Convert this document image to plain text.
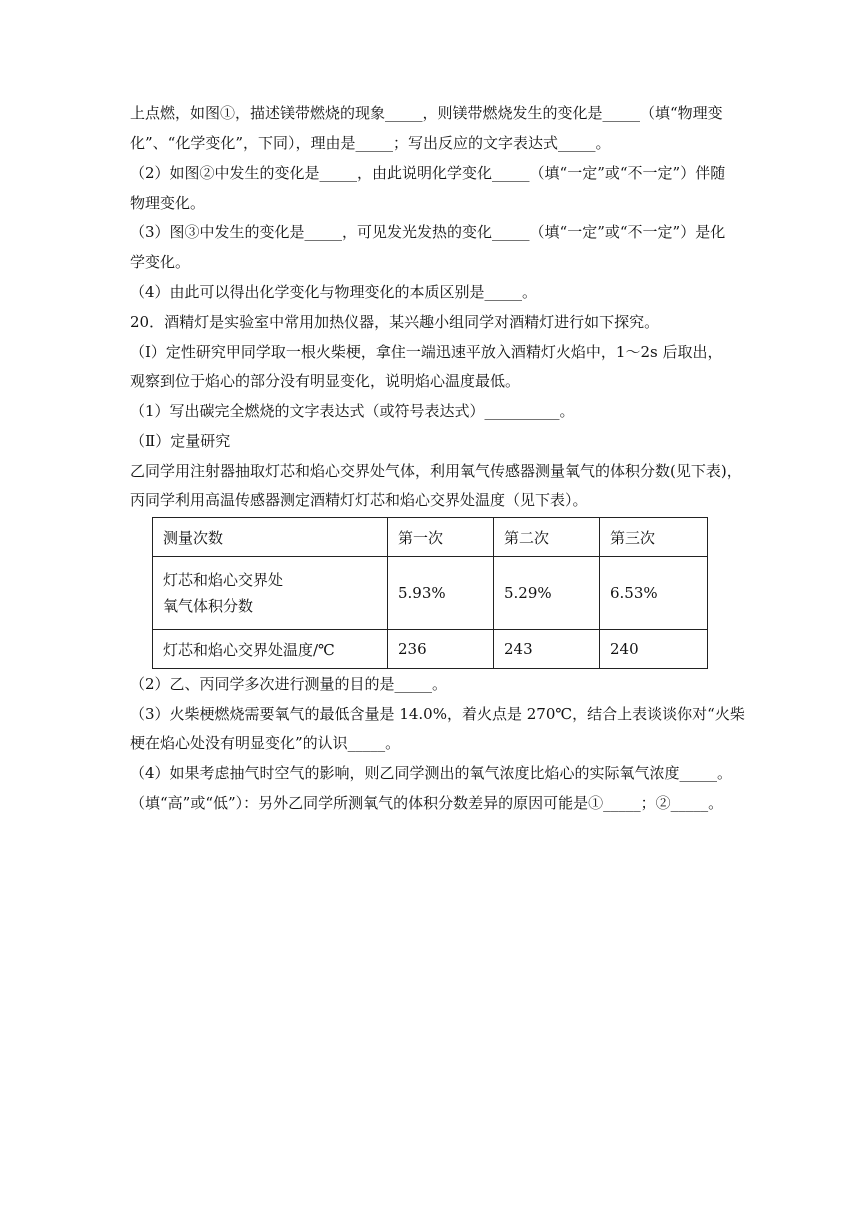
上点燃，如图①，描述镁带燃烧的现象_____，则镁带燃烧发生的变化是_____（填“物理变

化”、“化学变化”，下同），理由是_____；写出反应的文字表达式_____。

（2）如图②中发生的变化是_____，由此说明化学变化_____（填“一定”或“不一定”）伴随

物理变化。

（3）图③中发生的变化是_____，可见发光发热的变化_____（填“一定”或“不一定”）是化

学变化。

（4）由此可以得出化学变化与物理变化的本质区别是_____。

20．酒精灯是实验室中常用加热仪器，某兴趣小组同学对酒精灯进行如下探究。

（Ⅰ）定性研究甲同学取一根火柴梗，拿住一端迅速平放入酒精灯火焰中，1～2s 后取出，

观察到位于焰心的部分没有明显变化，说明焰心温度最低。

（1）写出碳完全燃烧的文字表达式（或符号表达式）__________。

（Ⅱ）定量研究

乙同学用注射器抽取灯芯和焰心交界处气体，利用氧气传感器测量氧气的体积分数(见下表)，

丙同学利用高温传感器测定酒精灯灯芯和焰心交界处温度（见下表）。

测量次数	第一次	第二次	第三次

灯芯和焰心交界处
氧气体积分数	5.93%	5.29%	6.53%
灯芯和焰心交界处温度/℃	236	243	240

（2）乙、丙同学多次进行测量的目的是_____。

（3）火柴梗燃烧需要氧气的最低含量是 14.0%，着火点是 270℃，结合上表谈谈你对“火柴

梗在焰心处没有明显变化”的认识_____。

（4）如果考虑抽气时空气的影响，则乙同学测出的氧气浓度比焰心的实际氧气浓度_____。

（填“高”或“低”）：另外乙同学所测氧气的体积分数差异的原因可能是①_____；②_____。
